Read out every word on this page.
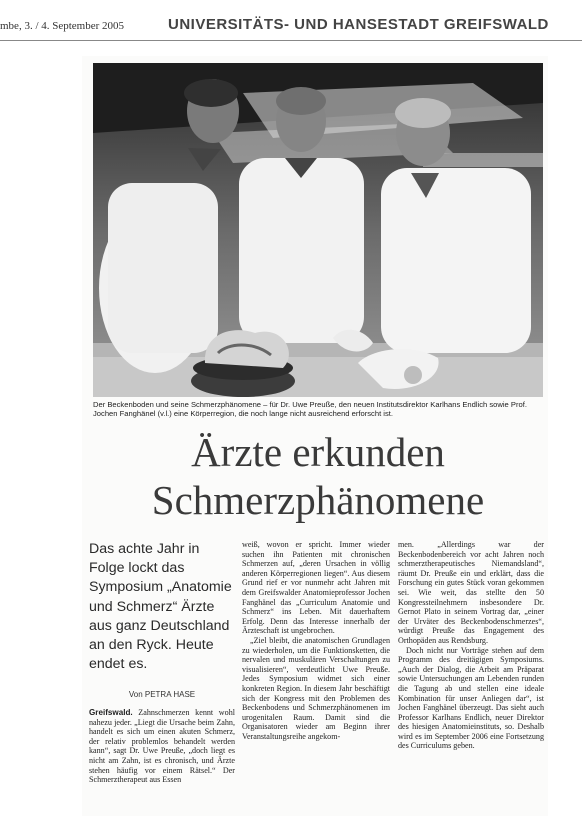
mbe, 3. / 4. September 2005	UNIVERSITÄTS- UND HANSESTADT GREIFSWALD
Der Beckenboden und seine Schmerzphänomene – für Dr. Uwe Preuße, den neuen Institutsdirektor Karlhans Endlich sowie Prof. Jochen Fanghänel (v.l.) eine Körperregion, die noch lange nicht ausreichend erforscht ist.
Ärzte erkunden
Schmerzphänomene
Das achte Jahr in Folge lockt das Symposium „Anatomie und Schmerz“ Ärzte aus ganz Deutschland an den Ryck. Heute endet es.
Von PETRA HASE

Greifswald. Zahnschmerzen kennt wohl nahezu jeder. „Liegt die Ursache beim Zahn, handelt es sich um einen akuten Schmerz, der relativ problemlos behandelt werden kann“, sagt Dr. Uwe Preuße, „doch liegt es nicht am Zahn, ist es chronisch, und Ärzte stehen häufig vor einem Rätsel.“ Der Schmerztherapeut aus Essen

weiß, wovon er spricht. Immer wieder suchen ihn Patienten mit chronischen Schmerzen auf, „deren Ursachen in völlig anderen Körperregionen liegen“. Aus diesem Grund rief er vor nunmehr acht Jahren mit dem Greifswalder Anatomieprofessor Jochen Fanghänel das „Curriculum Anatomie und Schmerz“ ins Leben. Mit dauerhaftem Erfolg. Denn das Interesse innerhalb der Ärzteschaft ist ungebrochen.

„Ziel bleibt, die anatomischen Grundlagen zu wiederholen, um die Funktionsketten, die nervalen und muskulären Verschaltungen zu visualisieren“, verdeutlicht Uwe Preuße. Jedes Symposium widmet sich einer konkreten Region. In diesem Jahr beschäftigt sich der Kongress mit den Problemen des Beckenbodens und Schmerzphänomenen im urogenitalen Raum. Damit sind die Organisatoren wieder am Beginn ihrer Veranstaltungsreihe angekom-

men. „Allerdings war der Beckenbodenbereich vor acht Jahren noch schmerztherapeutisches Niemandsland“, räumt Dr. Preuße ein und erklärt, dass die Forschung ein gutes Stück voran gekommen sei. Wie weit, das stellte den 50 Kongressteilnehmern insbesondere Dr. Gernot Plato in seinem Vortrag dar, „einer der Urväter des Beckenbodenschmerzes“, würdigt Preuße das Engagement des Orthopäden aus Rendsburg.

Doch nicht nur Vorträge stehen auf dem Programm des dreitägigen Symposiums. „Auch der Dialog, die Arbeit am Präparat sowie Untersuchungen am Lebenden runden die Tagung ab und stellen eine ideale Kombination für unser Anliegen dar“, ist Jochen Fanghänel überzeugt. Das sieht auch Professor Karlhans Endlich, neuer Direktor des hiesigen Anatomieinstituts, so. Deshalb wird es im September 2006 eine Fortsetzung des Curriculums geben.
